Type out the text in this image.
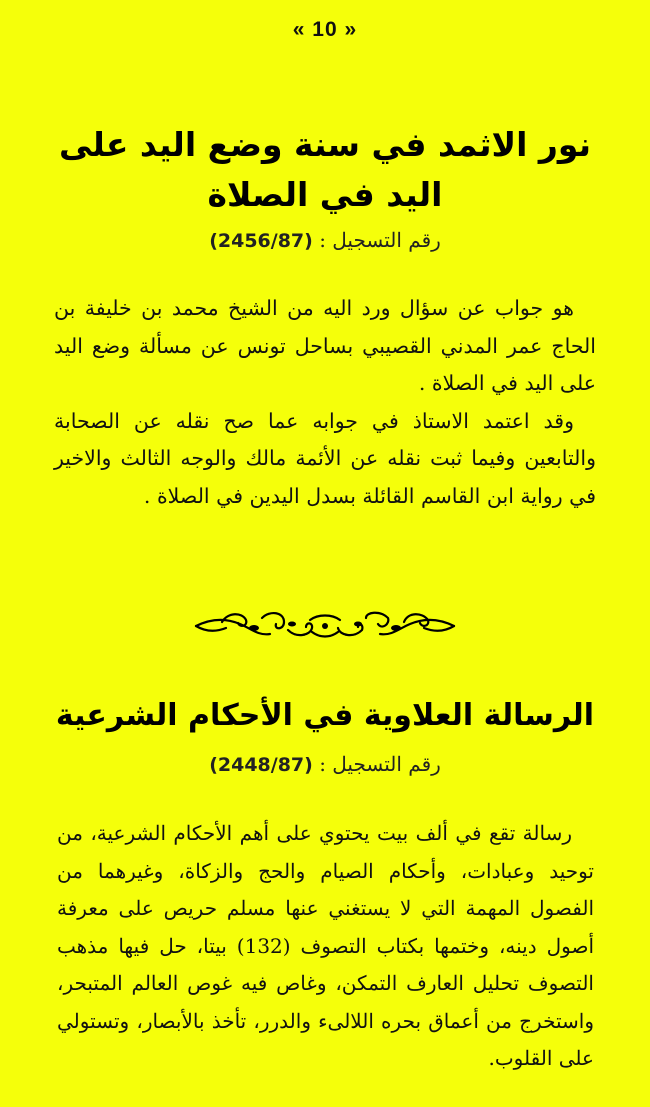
« 10 »
نور الاثمد في سنة وضع اليد على اليد في الصلاة
رقم التسجيل : (2456/87)

هو جواب عن سؤال ورد اليه من الشيخ محمد بن خليفة بن الحاج عمر المدني القصيبي بساحل تونس عن مسألة وضع اليد على اليد في الصلاة .

وقد اعتمد الاستاذ في جوابه عما صح نقله عن الصحابة والتابعين وفيما ثبت نقله عن الأئمة مالك والوجه الثالث والاخير في رواية ابن القاسم القائلة بسدل اليدين في الصلاة .

الرسالة العلاوية في الأحكام الشرعية
رقم التسجيل : (2448/87)

رسالة تقع في ألف بيت يحتوي على أهم الأحكام الشرعية، من توحيد وعبادات، وأحكام الصيام والحج والزكاة، وغيرهما من الفصول المهمة التي لا يستغني عنها مسلم حريص على معرفة أصول دينه، وختمها بكتاب التصوف (132) بيتا، حل فيها مذهب التصوف تحليل العارف التمكن، وغاص فيه غوص العالم المتبحر، واستخرج من أعماق بحره اللالىء والدرر، تأخذ بالأبصار، وتستولي على القلوب.
